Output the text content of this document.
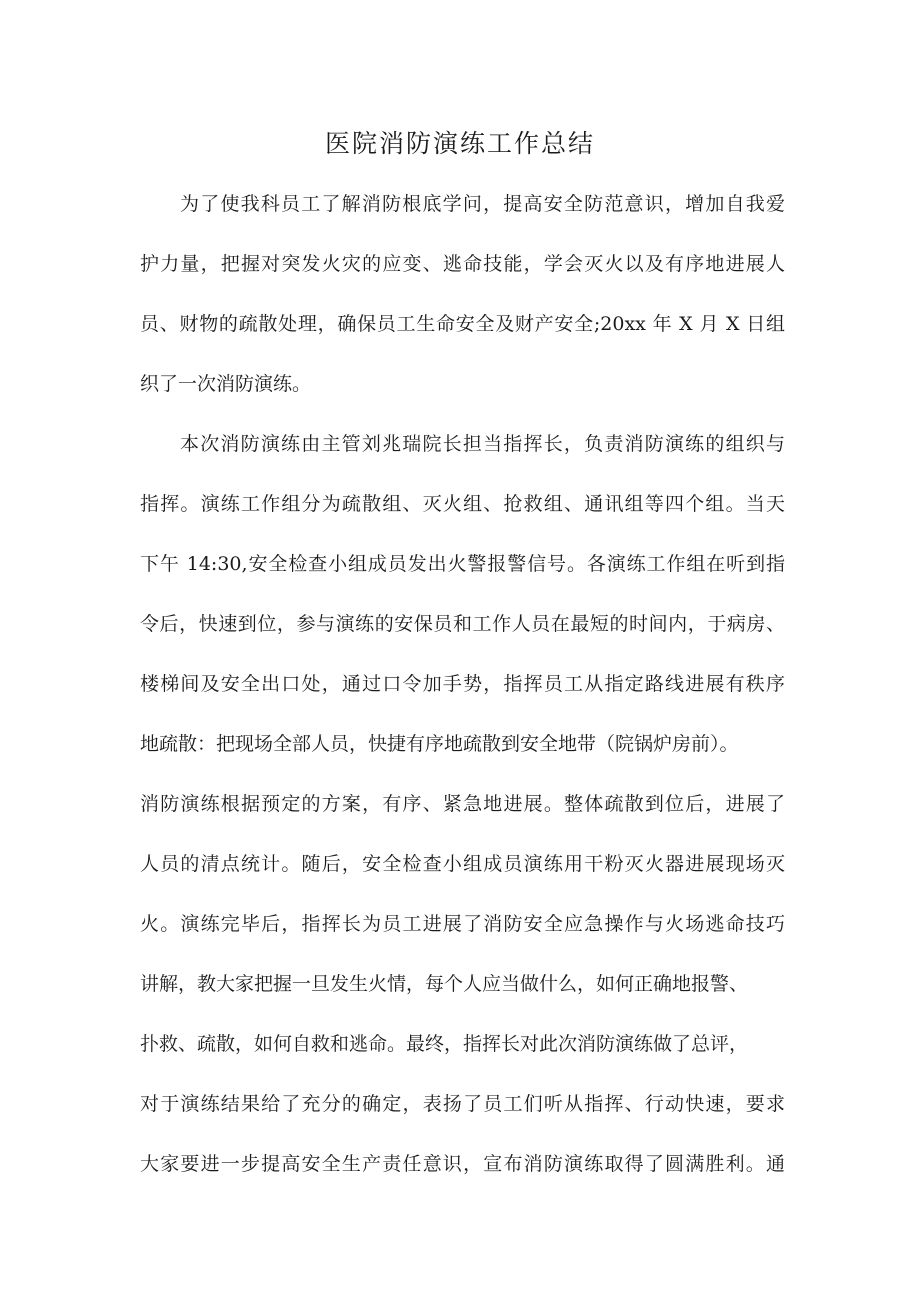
医院消防演练工作总结
为了使我科员工了解消防根底学问，提高安全防范意识，增加自我爱
护力量，把握对突发火灾的应变、逃命技能，学会灭火以及有序地进展人
员、财物的疏散处理，确保员工生命安全及财产安全;20xx 年 X 月 X 日组
织了一次消防演练。
本次消防演练由主管刘兆瑞院长担当指挥长，负责消防演练的组织与
指挥。演练工作组分为疏散组、灭火组、抢救组、通讯组等四个组。当天
下午 14:30,安全检查小组成员发出火警报警信号。各演练工作组在听到指
令后，快速到位，参与演练的安保员和工作人员在最短的时间内，于病房、
楼梯间及安全出口处，通过口令加手势，指挥员工从指定路线进展有秩序
地疏散：把现场全部人员，快捷有序地疏散到安全地带（院锅炉房前）。
消防演练根据预定的方案，有序、紧急地进展。整体疏散到位后，进展了
人员的清点统计。随后，安全检查小组成员演练用干粉灭火器进展现场灭
火。演练完毕后，指挥长为员工进展了消防安全应急操作与火场逃命技巧
讲解，教大家把握一旦发生火情，每个人应当做什么，如何正确地报警、
扑救、疏散，如何自救和逃命。最终，指挥长对此次消防演练做了总评，
对于演练结果给了充分的确定，表扬了员工们听从指挥、行动快速，要求
大家要进一步提高安全生产责任意识，宣布消防演练取得了圆满胜利。通
